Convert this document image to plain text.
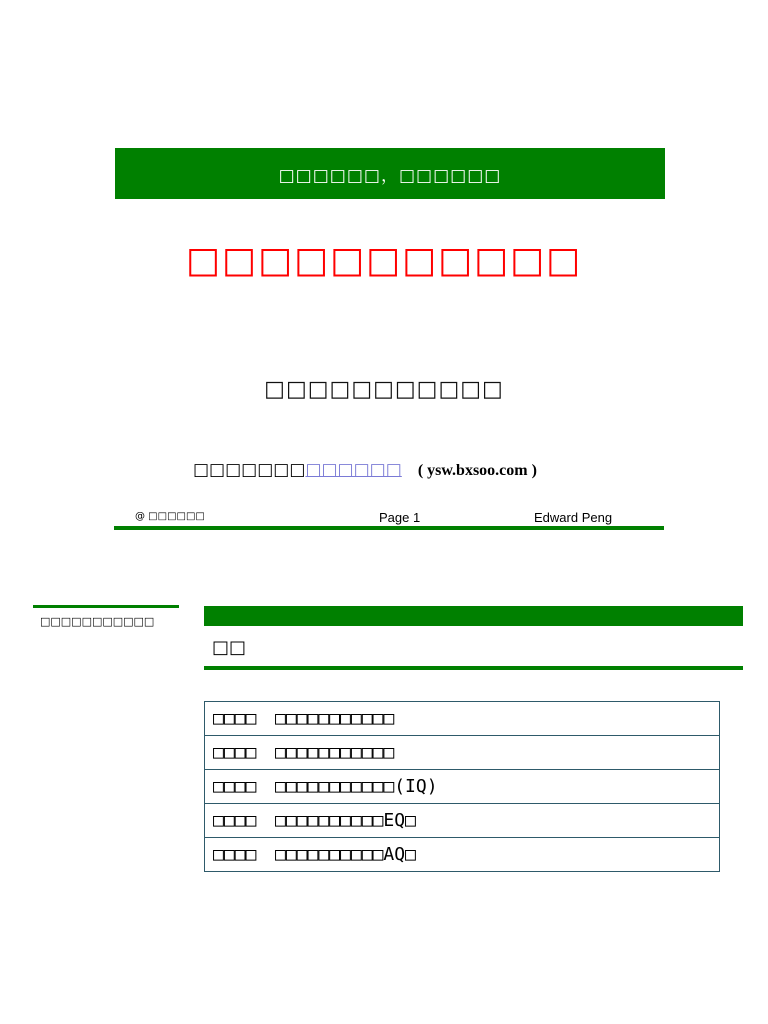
□□□□□□，□□□□□□
□□□□□□□□□□□
□□□□□□□□□□□
□□□□□□□□□□□□□ ( ysw.bxsoo.com )
@ □□□□□□	Page 1	Edward Peng
□□□□□□□□□□□
□□
□□□□ □□□□□□□□□□□
□□□□ □□□□□□□□□□□
□□□□ □□□□□□□□□□□(IQ)
□□□□ □□□□□□□□□□EQ□
□□□□ □□□□□□□□□□AQ□
